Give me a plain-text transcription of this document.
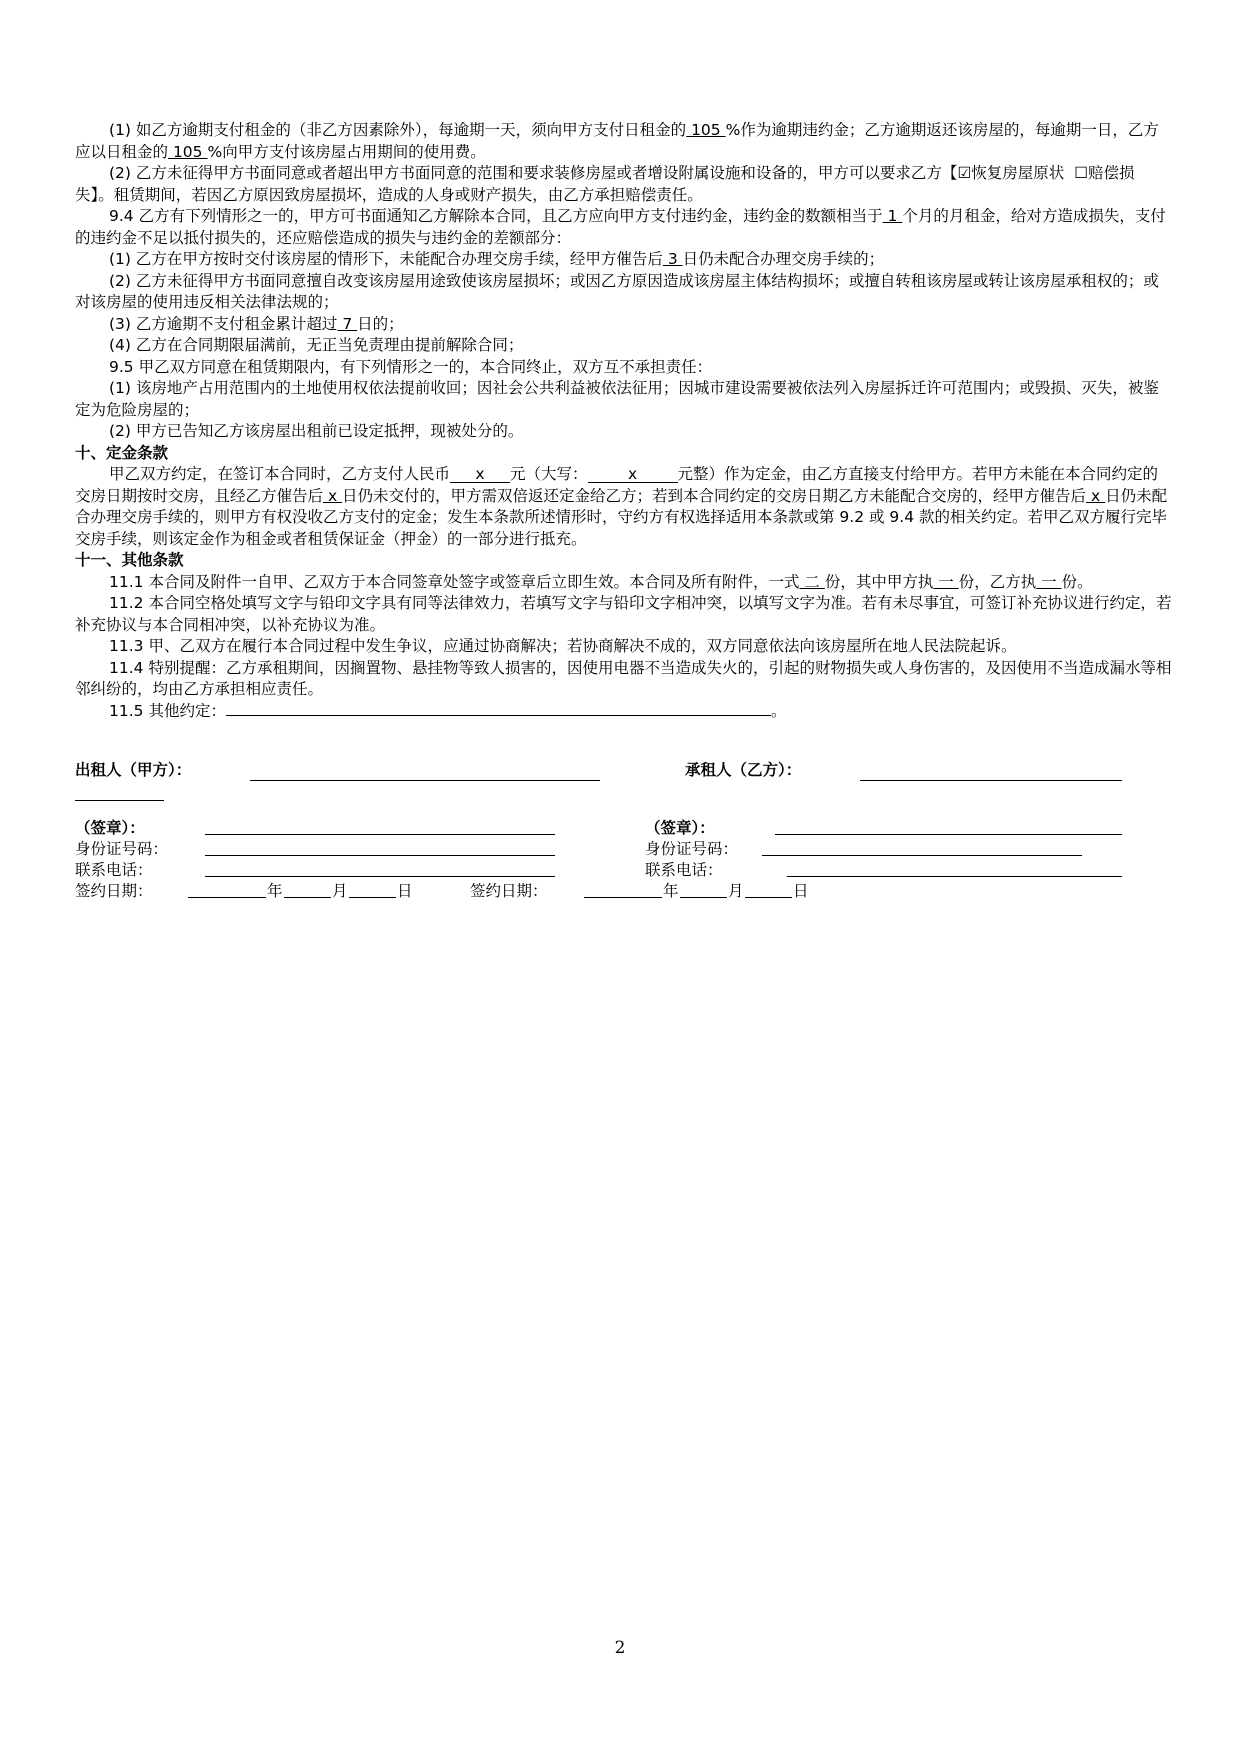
(1) 如乙方逾期支付租金的（非乙方因素除外），每逾期一天，须向甲方支付日租金的 105 %作为逾期违约金；乙方逾期返还该房屋的，每逾期一日，乙方应以日租金的 105 %向甲方支付该房屋占用期间的使用费。

(2) 乙方未征得甲方书面同意或者超出甲方书面同意的范围和要求装修房屋或者增设附属设施和设备的，甲方可以要求乙方【☑恢复房屋原状 ☐赔偿损失】。租赁期间，若因乙方原因致房屋损坏，造成的人身或财产损失，由乙方承担赔偿责任。

9.4 乙方有下列情形之一的，甲方可书面通知乙方解除本合同，且乙方应向甲方支付违约金，违约金的数额相当于 1 个月的月租金，给对方造成损失，支付的违约金不足以抵付损失的，还应赔偿造成的损失与违约金的差额部分：

(1) 乙方在甲方按时交付该房屋的情形下，未能配合办理交房手续，经甲方催告后 3 日仍未配合办理交房手续的；

(2) 乙方未征得甲方书面同意擅自改变该房屋用途致使该房屋损坏；或因乙方原因造成该房屋主体结构损坏；或擅自转租该房屋或转让该房屋承租权的；或对该房屋的使用违反相关法律法规的；

(3) 乙方逾期不支付租金累计超过 7 日的；

(4) 乙方在合同期限届满前，无正当免责理由提前解除合同；

9.5 甲乙双方同意在租赁期限内，有下列情形之一的，本合同终止，双方互不承担责任：

(1) 该房地产占用范围内的土地使用权依法提前收回；因社会公共利益被依法征用；因城市建设需要被依法列入房屋拆迁许可范围内；或毁损、灭失，被鉴定为危险房屋的；

(2) 甲方已告知乙方该房屋出租前已设定抵押，现被处分的。

十、定金条款

甲乙双方约定，在签订本合同时，乙方支付人民币 x 元（大写：	x	元整）作为定金，由乙方直接支付给甲方。若甲方未能在本合同约定的交房日期按时交房，且经乙方催告后 x 日仍未交付的，甲方需双倍返还定金给乙方；若到本合同约定的交房日期乙方未能配合交房的，经甲方催告后 x 日仍未配合办理交房手续的，则甲方有权没收乙方支付的定金；发生本条款所述情形时，守约方有权选择适用本条款或第 9.2 或 9.4 款的相关约定。若甲乙双方履行完毕交房手续，则该定金作为租金或者租赁保证金（押金）的一部分进行抵充。

十一、其他条款

11.1 本合同及附件一自甲、乙双方于本合同签章处签字或签章后立即生效。本合同及所有附件，一式 二 份，其中甲方执 一 份，乙方执 一 份。

11.2 本合同空格处填写文字与铅印文字具有同等法律效力，若填写文字与铅印文字相冲突，以填写文字为准。若有未尽事宜，可签订补充协议进行约定，若补充协议与本合同相冲突，以补充协议为准。

11.3 甲、乙双方在履行本合同过程中发生争议，应通过协商解决；若协商解决不成的，双方同意依法向该房屋所在地人民法院起诉。

11.4 特别提醒：乙方承租期间，因搁置物、悬挂物等致人损害的，因使用电器不当造成失火的，引起的财物损失或人身伤害的，及因使用不当造成漏水等相邻纠纷的，均由乙方承担相应责任。

11.5 其他约定：	。

出租人（甲方）：	承租人（乙方）：
（签章）：	（签章）：
身份证号码：	身份证号码：
联系电话：	联系电话：
签约日期：	年	月	日	签约日期：	年	月	日
2
